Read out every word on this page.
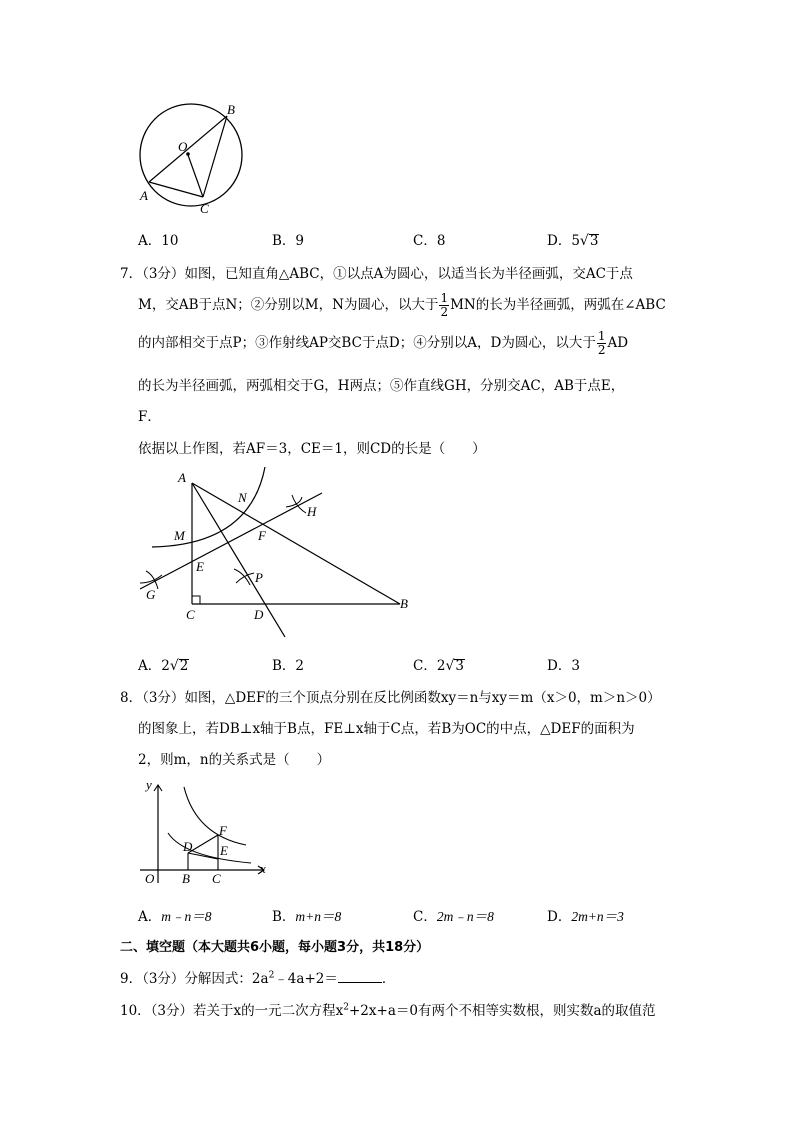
B
O
A
C
A．10	B．9	C．8	D．5√3
7．（3分）如图，已知直角△ABC，①以点A为圆心，以适当长为半径画弧，交AC于点
M，交AB于点N；②分别以M，N为圆心，以大于 $\frac{1}{2}$ MN的长为半径画弧，两弧在∠ABC
的内部相交于点P；③作射线AP交BC于点D；④分别以A，D为圆心，以大于 $\frac{1}{2}$ AD
的长为半径画弧，两弧相交于G，H两点；⑤作直线GH，分别交AC，AB于点E，
F．
依据以上作图，若AF＝3，CE＝1，则CD的长是（　　）
A
N
H
M	F
E
P
G
C	D
B
A．2√2	B．2	C．2√3	D．3
8．（3分）如图，△DEF的三个顶点分别在反比例函数xy＝n与xy＝m（x＞0，m＞n＞0）
的图象上，若DB⊥x轴于B点，FE⊥x轴于C点，若B为OC的中点，△DEF的面积为
2，则m，n的关系式是（　　）
y
x
O B C
D E
F
A．m﹣n＝8	B．m+n＝8	C．2m﹣n＝8	D．2m+n＝3
二、填空题（本大题共6小题，每小题3分，共18分）
9．（3分）分解因式：$2a^2﹣4a+2=$	．
10．（3分）若关于x的一元二次方程$x^2+2x+a=0$有两个不相等实数根，则实数a的取值范
